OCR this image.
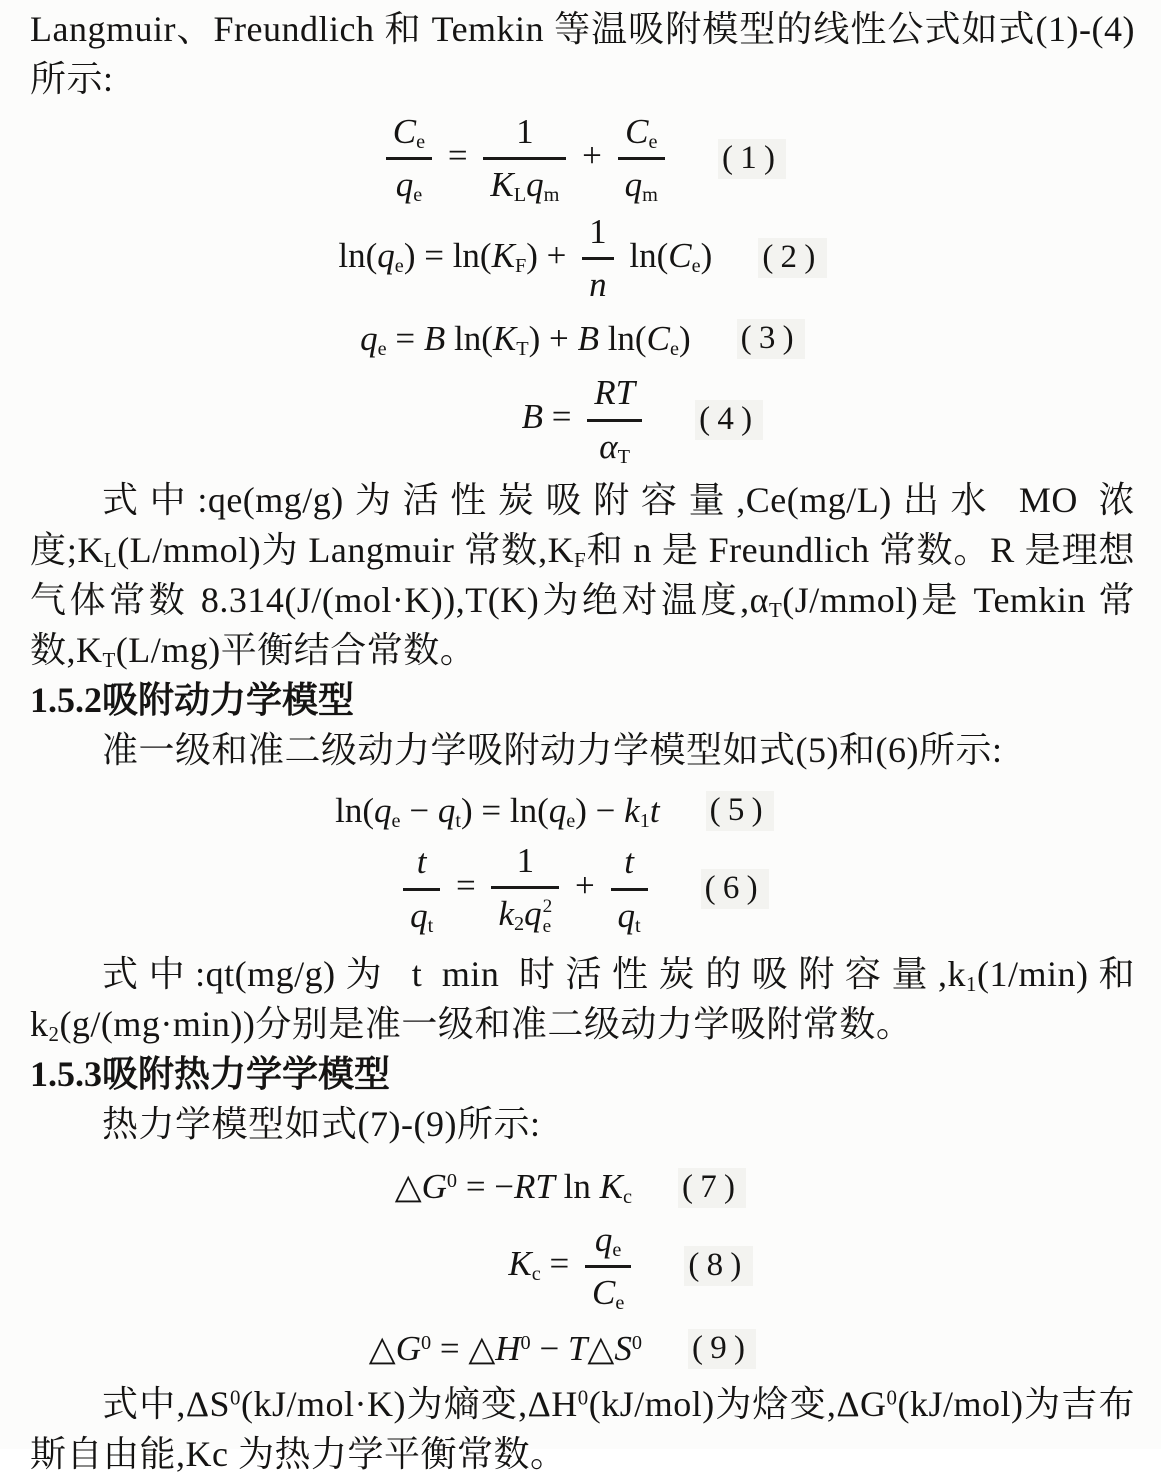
Langmuir、Freundlich 和 Temkin 等温吸附模型的线性公式如式(1)-(4)所示:

$\frac{C_e}{q_e} = \frac{1}{K_Lq_m} + \frac{C_e}{q_m} (1)$
$\ln(q_e) = \ln(K_F) + \frac{1}{n} \ln(C_e)$ (2)
$q_e = B$ $\ln(K_T) + B$ $\ln(C_e)$ (3)
$B = \frac{RT}{\alpha_T} (4)$

式中:qe(mg/g)为活性炭吸附容量,Ce(mg/L)出水 MO 浓度$;K_L(L/mmol)$为 Langmuir 常数$,K_F$和 n 是 Freundlich 常数。R 是理想气体常数 8.314(J/(mol·K)),T(K)为绝对温度$,\alpha_T(J/mmol)$是 Temkin 常数$,K_T(L/mg)$平衡结合常数。

1.5.2吸附动力学模型

准一级和准二级动力学吸附动力学模型如式(5)和(6)所示:

$\ln(q_e - q_t) = \ln(q_e) - k_1t$ (5)
$\frac{t}{q_t} = 1$
$k_2q$ 2
$e + \frac{t}{q_t} (6)$

式中:qt(mg/g)为 t min 时活性炭的吸附容量$,k_1(1/\min)$和 $k_2(g/(mg\cdot\min))$分别是准一级和准二级动力学吸附常数。

1.5.3吸附热力学学模型

热力学模型如式(7)-(9)所示:

$\triangle G^0 = -RT$ $\ln K_c$ (7)
$K_c = \frac{q_e}{C_e} (8)$
$\triangle G^0$ = $\triangle H^0$ − $T\triangle S^0$ (9)

式中$,\Delta S^0(kJ/mol\cdot K)$为熵变$,\Delta H^0(kJ/mol)$为焓变$,\Delta G^0(kJ/mol)$为吉布斯自由能,Kc 为热力学平衡常数。
